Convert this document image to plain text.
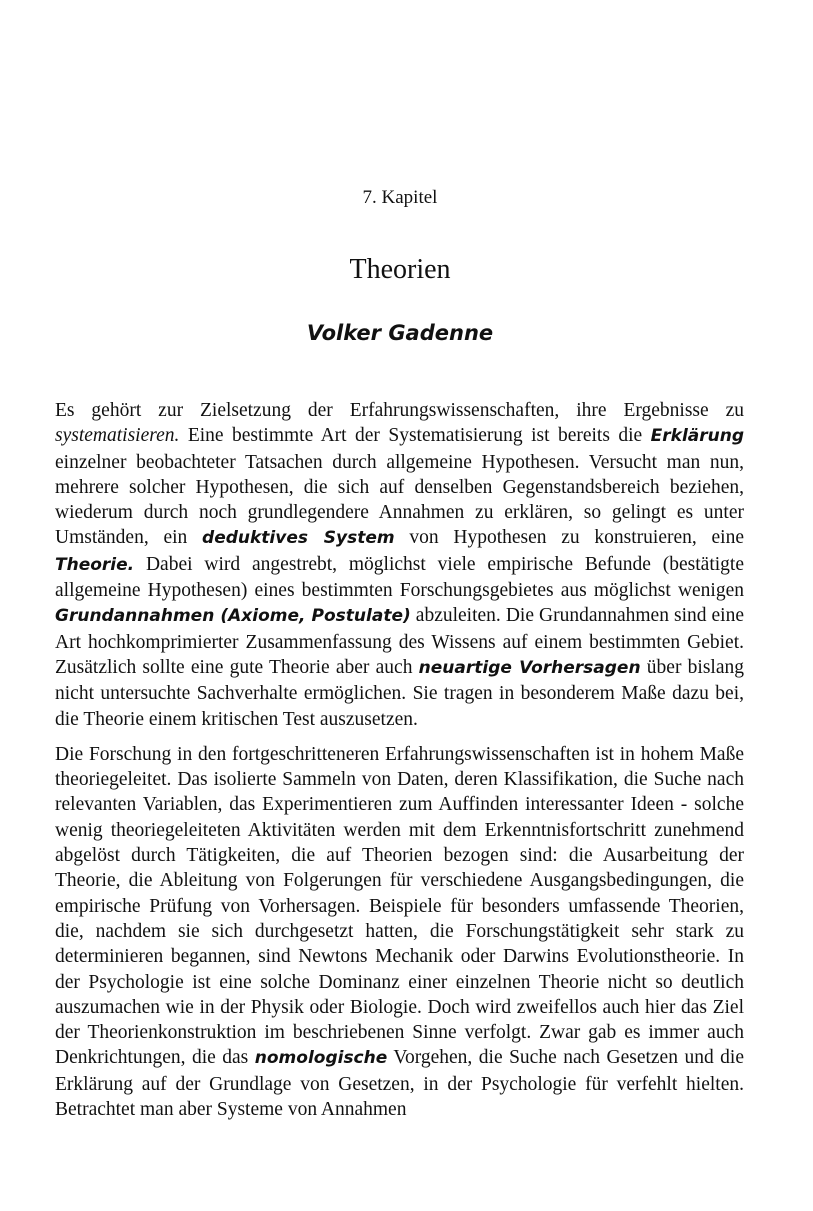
7. Kapitel
Theorien
Volker Gadenne

Es gehört zur Zielsetzung der Erfahrungswissenschaften, ihre Ergebnisse zu systematisieren. Eine bestimmte Art der Systematisierung ist bereits die Erklärung einzelner beobachteter Tatsachen durch allgemeine Hypothesen. Versucht man nun, mehrere solcher Hypothesen, die sich auf denselben Gegenstandsbereich beziehen, wiederum durch noch grundlegendere Annahmen zu erklären, so gelingt es unter Umständen, ein deduktives System von Hypothesen zu konstruieren, eine Theorie. Dabei wird angestrebt, möglichst viele empirische Befunde (bestätigte allgemeine Hypothesen) eines bestimmten Forschungsgebietes aus möglichst wenigen Grundannahmen (Axiome, Postulate) abzuleiten. Die Grundannahmen sind eine Art hochkomprimierter Zusammenfassung des Wissens auf einem bestimmten Gebiet. Zusätzlich sollte eine gute Theorie aber auch neuartige Vorhersagen über bislang nicht untersuchte Sachverhalte ermöglichen. Sie tragen in besonderem Maße dazu bei, die Theorie einem kritischen Test auszusetzen.

Die Forschung in den fortgeschritteneren Erfahrungswissenschaften ist in hohem Maße theoriegeleitet. Das isolierte Sammeln von Daten, deren Klassifikation, die Suche nach relevanten Variablen, das Experimentieren zum Auffinden interessanter Ideen - solche wenig theoriegeleiteten Aktivitäten werden mit dem Erkenntnisfortschritt zunehmend abgelöst durch Tätigkeiten, die auf Theorien bezogen sind: die Ausarbeitung der Theorie, die Ableitung von Folgerungen für verschiedene Ausgangsbedingungen, die empirische Prüfung von Vorhersagen. Beispiele für besonders umfassende Theorien, die, nachdem sie sich durchgesetzt hatten, die Forschungstätigkeit sehr stark zu determinieren begannen, sind Newtons Mechanik oder Darwins Evolutionstheorie. In der Psychologie ist eine solche Dominanz einer einzelnen Theorie nicht so deutlich auszumachen wie in der Physik oder Biologie. Doch wird zweifellos auch hier das Ziel der Theorienkonstruktion im beschriebenen Sinne verfolgt. Zwar gab es immer auch Denkrichtungen, die das nomologische Vorgehen, die Suche nach Gesetzen und die Erklärung auf der Grundlage von Gesetzen, in der Psychologie für verfehlt hielten. Betrachtet man aber Systeme von Annahmen
